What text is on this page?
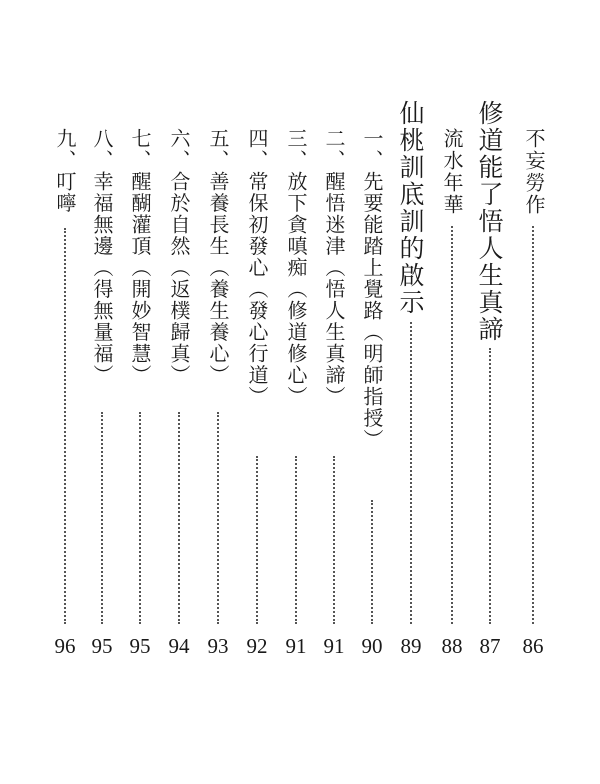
不妄勞作
86
修道能了悟人生真諦
87
流水年華
88
仙桃訓底訓的啟示
89
一、先要能踏上覺路（明師指授）
90
二、醒悟迷津（悟人生真諦）
91
三、放下貪嗔痴（修道修心）
91
四、常保初發心（發心行道）
92
五、善養長生（養生養心）
93
六、合於自然（返樸歸真）
94
七、醒醐灌頂（開妙智慧）
95
八、幸福無邊（得無量福）
95
九、叮嚀
96
